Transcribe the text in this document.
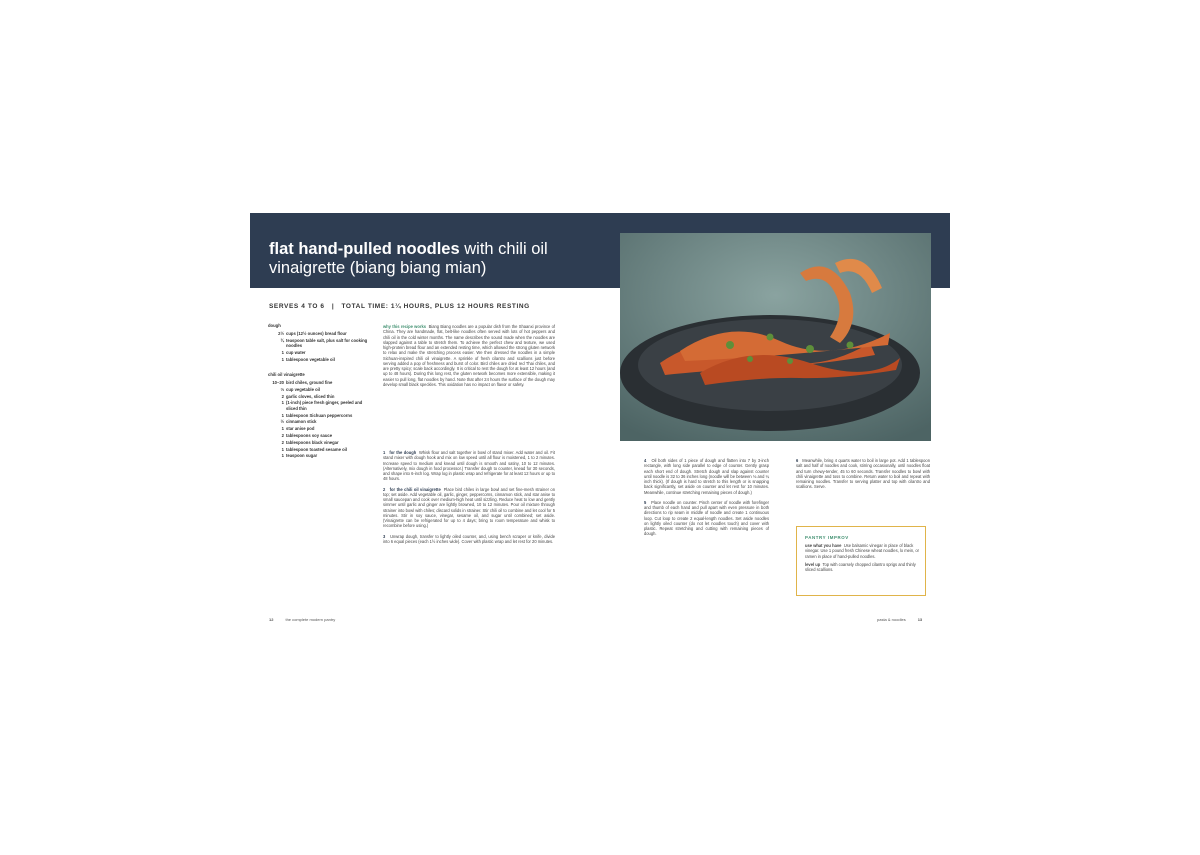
flat hand-pulled noodles with chili oil vinaigrette (biang biang mian)
SERVES 4 TO 6 | TOTAL TIME: 1¼ HOURS, PLUS 12 HOURS RESTING
dough
2½ cups (12½ ounces) bread flour
¾ teaspoon table salt, plus salt for cooking noodles
1 cup water
1 tablespoon vegetable oil
chili oil vinaigrette
10–20 bird chiles, ground fine
⅓ cup vegetable oil
2 garlic cloves, sliced thin
1 (1-inch) piece fresh ginger, peeled and sliced thin
1 tablespoon Sichuan peppercorns
½ cinnamon stick
1 star anise pod
2 tablespoons soy sauce
2 tablespoons black vinegar
1 tablespoon toasted sesame oil
1 teaspoon sugar

why this recipe works Biang Biang noodles are a popular dish from the Shaanxi province of China. They are handmade, flat, belt-like noodles often served with lots of hot peppers and chili oil in the cold winter months. The name describes the sound made when the noodles are slapped against a table to stretch them. To achieve the perfect chew and texture, we used high-protein bread flour and an extended resting time, which allowed the strong gluten network to relax and make the stretching process easier. We then dressed the noodles in a simple Sichuan-inspired chili oil vinaigrette. A sprinkle of fresh cilantro and scallions just before serving added a pop of freshness and burst of color. Bird chiles are dried red Thai chiles, and are pretty spicy; scale back accordingly. It is critical to rest the dough for at least 12 hours (and up to 48 hours). During this long rest, the gluten network becomes more extensible, making it easier to pull long, flat noodles by hand. Note that after 24 hours the surface of the dough may develop small black speckles. This oxidation has no impact on flavor or safety.

1 for the dough Whisk flour and salt together in bowl of stand mixer. Add water and oil. Fit stand mixer with dough hook and mix on low speed until all flour is moistened, 1 to 2 minutes. Increase speed to medium and knead until dough is smooth and satiny, 10 to 12 minutes. (Alternatively, mix dough in food processor.) Transfer dough to counter, knead for 30 seconds, and shape into 6-inch log. Wrap log in plastic wrap and refrigerate for at least 12 hours or up to 48 hours.

2 for the chili oil vinaigrette Place bird chiles in large bowl and set fine-mesh strainer on top; set aside. Add vegetable oil, garlic, ginger, peppercorns, cinnamon stick, and star anise to small saucepan and cook over medium-high heat until sizzling. Reduce heat to low and gently simmer until garlic and ginger are lightly browned, 10 to 12 minutes. Pour oil mixture through strainer into bowl with chiles; discard solids in strainer. Stir chili oil to combine and let cool for 5 minutes. Stir in soy sauce, vinegar, sesame oil, and sugar until combined; set aside. (Vinaigrette can be refrigerated for up to 4 days; bring to room temperature and whisk to recombine before using.)

3 Unwrap dough, transfer to lightly oiled counter, and, using bench scraper or knife, divide into 6 equal pieces (each 1½ inches wide). Cover with plastic wrap and let rest for 20 minutes.

4 Oil both sides of 1 piece of dough and flatten into 7 by 3-inch rectangle, with long side parallel to edge of counter. Gently grasp each short end of dough. Stretch dough and slap against counter until noodle is 32 to 36 inches long (noodle will be between ⅛ and ¼ inch thick). (If dough is hard to stretch to this length or is snapping back significantly, set aside on counter and let rest for 10 minutes. Meanwhile, continue stretching remaining pieces of dough.)

5 Place noodle on counter. Pinch center of noodle with forefinger and thumb of each hand and pull apart with even pressure in both directions to rip seam in middle of noodle and create 1 continuous loop. Cut loop to create 2 equal-length noodles. Set aside noodles on lightly oiled counter (do not let noodles touch) and cover with plastic. Repeat stretching and cutting with remaining pieces of dough.

6 Meanwhile, bring 4 quarts water to boil in large pot. Add 1 tablespoon salt and half of noodles and cook, stirring occasionally, until noodles float and turn chewy-tender, 45 to 60 seconds. Transfer noodles to bowl with chili vinaigrette and toss to combine. Return water to boil and repeat with remaining noodles. Transfer to serving platter and top with cilantro and scallions. Serve.

PANTRY IMPROV

use what you have Use balsamic vinegar in place of black vinegar. Use 1 pound fresh Chinese wheat noodles, lo mein, or ramen in place of hand-pulled noodles.

level up Top with coarsely chopped cilantro sprigs and thinly sliced scallions.

12	the complete modern pantry	pasta & noodles	13
